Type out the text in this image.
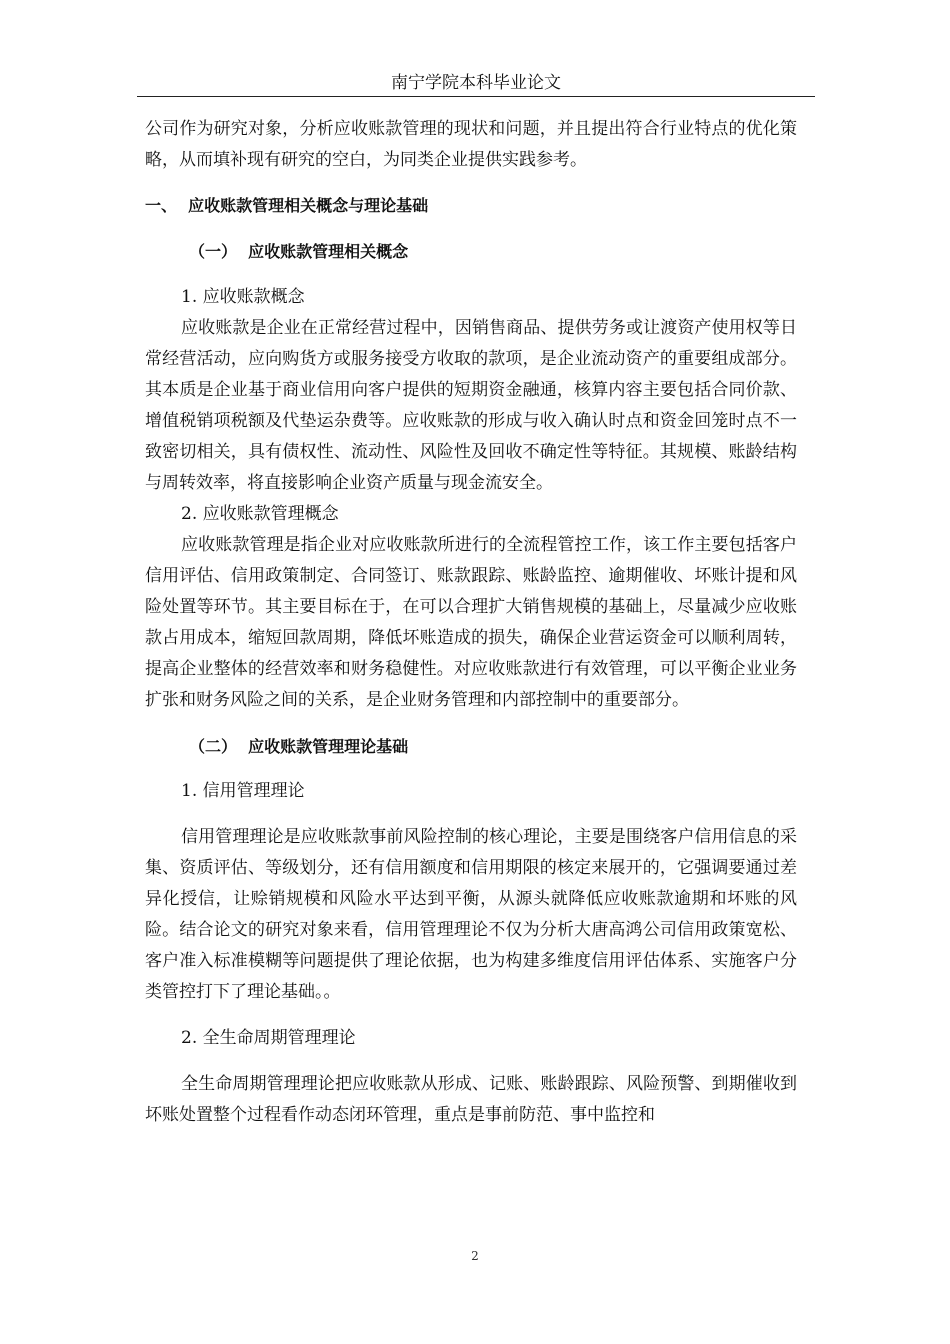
南宁学院本科毕业论文

公司作为研究对象，分析应收账款管理的现状和问题，并且提出符合行业特点的优化策略，从而填补现有研究的空白，为同类企业提供实践参考。

一、  应收账款管理相关概念与理论基础

（一）  应收账款管理相关概念

1. 应收账款概念

应收账款是企业在正常经营过程中，因销售商品、提供劳务或让渡资产使用权等日常经营活动，应向购货方或服务接受方收取的款项，是企业流动资产的重要组成部分。其本质是企业基于商业信用向客户提供的短期资金融通，核算内容主要包括合同价款、增值税销项税额及代垫运杂费等。应收账款的形成与收入确认时点和资金回笼时点不一致密切相关，具有债权性、流动性、风险性及回收不确定性等特征。其规模、账龄结构与周转效率，将直接影响企业资产质量与现金流安全。

2. 应收账款管理概念

应收账款管理是指企业对应收账款所进行的全流程管控工作，该工作主要包括客户信用评估、信用政策制定、合同签订、账款跟踪、账龄监控、逾期催收、坏账计提和风险处置等环节。其主要目标在于，在可以合理扩大销售规模的基础上，尽量减少应收账款占用成本，缩短回款周期，降低坏账造成的损失，确保企业营运资金可以顺利周转，提高企业整体的经营效率和财务稳健性。对应收账款进行有效管理，可以平衡企业业务扩张和财务风险之间的关系，是企业财务管理和内部控制中的重要部分。

（二）  应收账款管理理论基础

1. 信用管理理论

信用管理理论是应收账款事前风险控制的核心理论，主要是围绕客户信用信息的采集、资质评估、等级划分，还有信用额度和信用期限的核定来展开的，它强调要通过差异化授信，让赊销规模和风险水平达到平衡，从源头就降低应收账款逾期和坏账的风险。结合论文的研究对象来看，信用管理理论不仅为分析大唐高鸿公司信用政策宽松、客户准入标准模糊等问题提供了理论依据，也为构建多维度信用评估体系、实施客户分类管控打下了理论基础。。

2. 全生命周期管理理论

全生命周期管理理论把应收账款从形成、记账、账龄跟踪、风险预警、到期催收到坏账处置整个过程看作动态闭环管理，重点是事前防范、事中监控和

2
